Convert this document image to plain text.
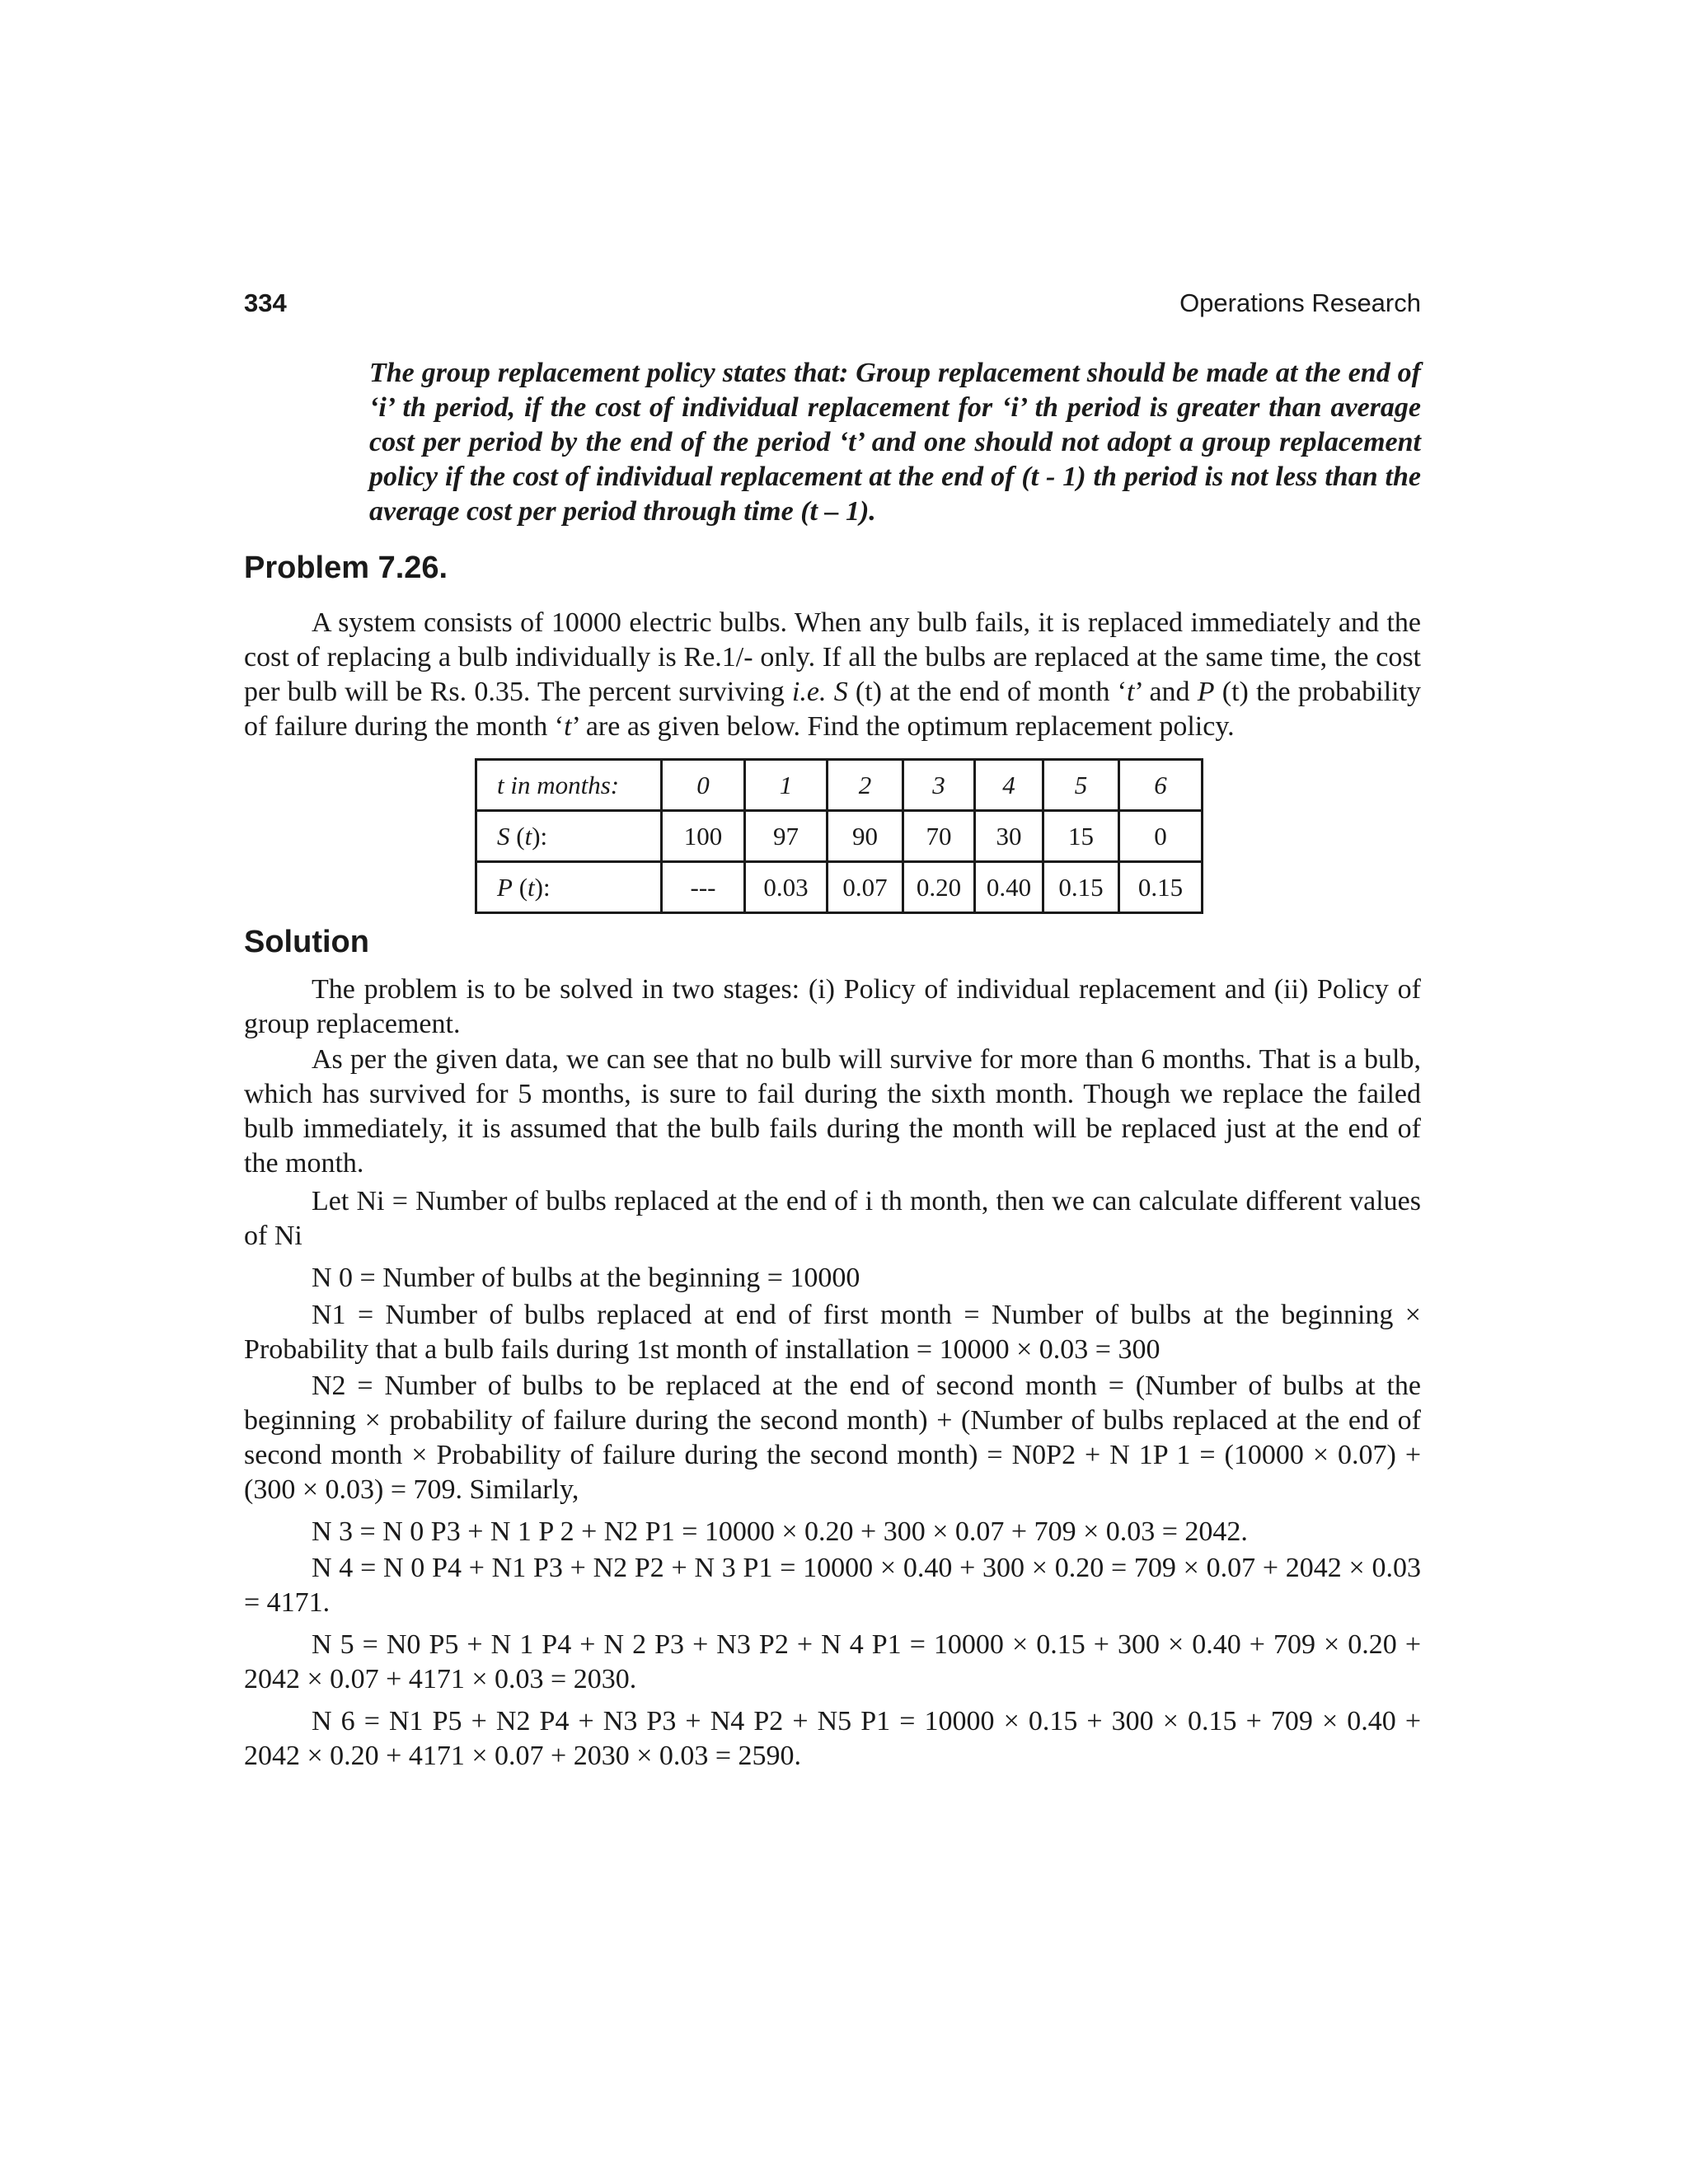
334	Operations Research
The group replacement policy states that: Group replacement should be made at the end of ‘i’ th period, if the cost of individual replacement for ‘i’ th period is greater than average cost per period by the end of the period ‘t’ and one should not adopt a group replacement policy if the cost of individual replacement at the end of (t - 1) th period is not less than the average cost per period through time (t – 1).
Problem 7.26.

A system consists of 10000 electric bulbs. When any bulb fails, it is replaced immediately and the cost of replacing a bulb individually is Re.1/- only. If all the bulbs are replaced at the same time, the cost per bulb will be Rs. 0.35. The percent surviving i.e. S (t) at the end of month ‘t’ and P (t) the probability of failure during the month ‘t’ are as given below. Find the optimum replacement policy.

t in months:	0	1	2	3	4	5	6
S (t):	100	97	90	70	30	15	0
P (t):	---	0.03	0.07	0.20	0.40	0.15	0.15
Solution

The problem is to be solved in two stages: (i) Policy of individual replacement and (ii) Policy of group replacement.

As per the given data, we can see that no bulb will survive for more than 6 months. That is a bulb, which has survived for 5 months, is sure to fail during the sixth month. Though we replace the failed bulb immediately, it is assumed that the bulb fails during the month will be replaced just at the end of the month.

Let Ni = Number of bulbs replaced at the end of i th month, then we can calculate different values of Ni

N 0 = Number of bulbs at the beginning = 10000

N1 = Number of bulbs replaced at end of first month = Number of bulbs at the beginning × Probability that a bulb fails during 1st month of installation = 10000 × 0.03 = 300

N2 = Number of bulbs to be replaced at the end of second month = (Number of bulbs at the beginning × probability of failure during the second month) + (Number of bulbs replaced at the end of second month × Probability of failure during the second month) = N0P2 + N 1P 1 = (10000 × 0.07) + (300 × 0.03) = 709. Similarly,

N 3 = N 0 P3 + N 1 P 2 + N2 P1 = 10000 × 0.20 + 300 × 0.07 + 709 × 0.03 = 2042.

N 4 = N 0 P4 + N1 P3 + N2 P2 + N 3 P1 = 10000 × 0.40 + 300 × 0.20 = 709 × 0.07 + 2042 × 0.03 = 4171.

N 5 = N0 P5 + N 1 P4 + N 2 P3 + N3 P2 + N 4 P1 = 10000 × 0.15 + 300 × 0.40 + 709 × 0.20 + 2042 × 0.07 + 4171 × 0.03 = 2030.

N 6 = N1 P5 + N2 P4 + N3 P3 + N4 P2 + N5 P1 = 10000 × 0.15 + 300 × 0.15 + 709 × 0.40 + 2042 × 0.20 + 4171 × 0.07 + 2030 × 0.03 = 2590.
